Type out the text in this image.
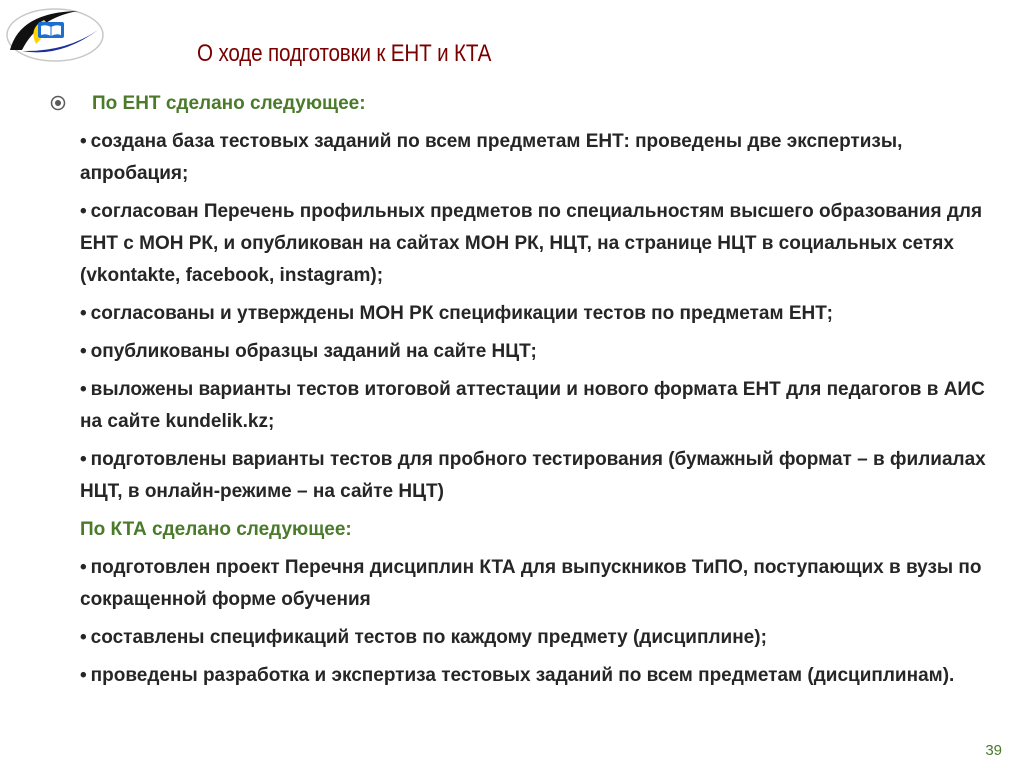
О ходе подготовки к ЕНТ и КТА
По ЕНТ сделано следующее:
• создана база тестовых заданий по всем предметам ЕНТ: проведены две экспертизы, апробация;
• согласован Перечень профильных предметов по специальностям высшего образования для ЕНТ с МОН РК, и опубликован на сайтах МОН РК, НЦТ, на странице НЦТ в социальных сетях (vkontakte, facebook, instagram);
• согласованы и утверждены МОН РК спецификации тестов по предметам ЕНТ;
• опубликованы образцы заданий на сайте НЦТ;
• выложены варианты тестов итоговой аттестации и нового формата ЕНТ для педагогов в АИС на сайте kundelik.kz;
• подготовлены варианты тестов для пробного тестирования (бумажный формат – в филиалах НЦТ, в онлайн-режиме – на сайте НЦТ)
По КТА сделано следующее:
• подготовлен проект Перечня дисциплин КТА для выпускников ТиПО, поступающих в вузы по сокращенной форме обучения
• составлены спецификаций тестов по каждому предмету (дисциплине);
• проведены разработка и экспертиза тестовых заданий по всем предметам (дисциплинам).
39
